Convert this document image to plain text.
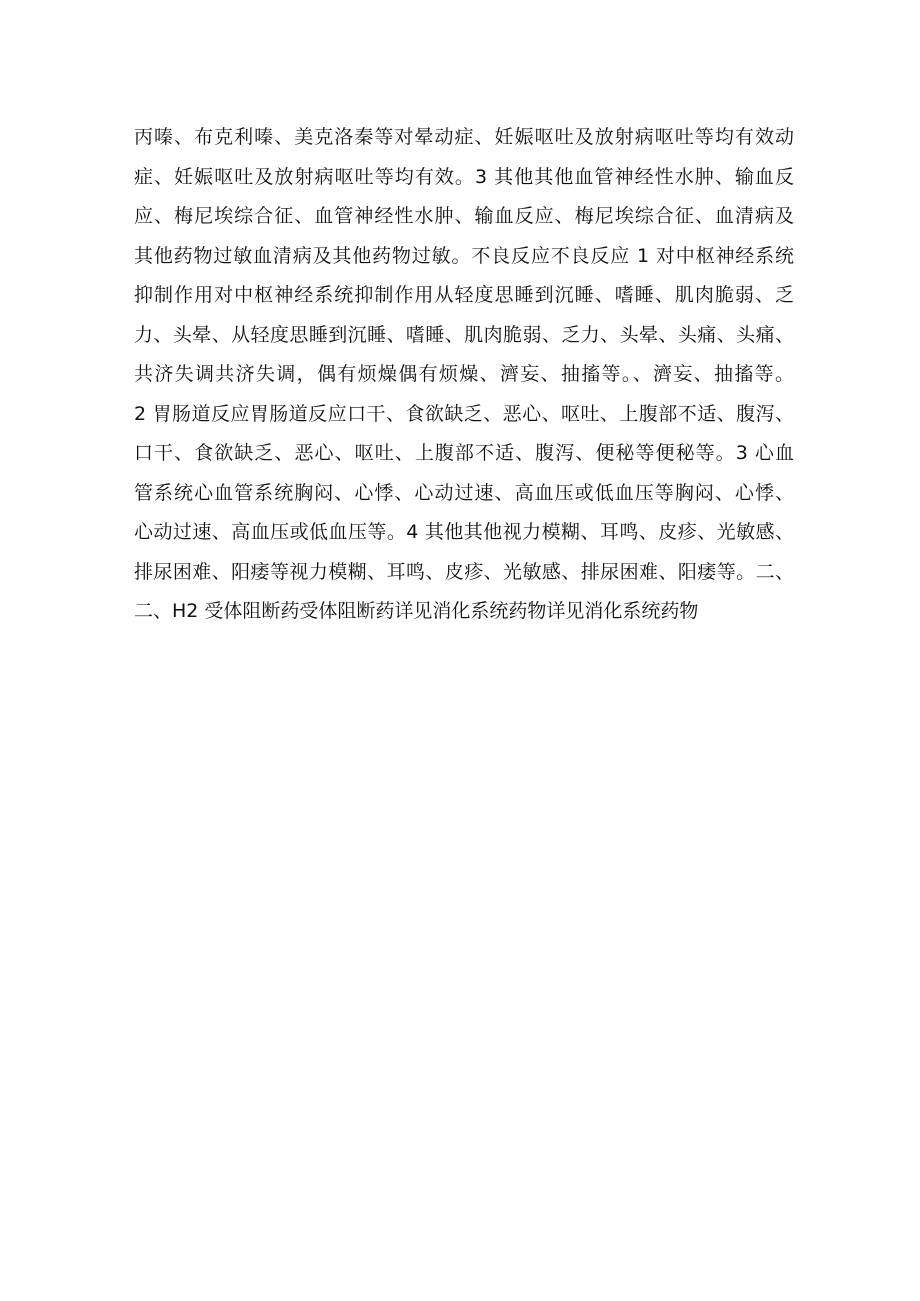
丙嗪、布克利嗪、美克洛秦等对晕动症、妊娠呕吐及放射病呕吐等均有效动
症、妊娠呕吐及放射病呕吐等均有效。3 其他其他血管神经性水肿、输血反
应、梅尼埃综合征、血管神经性水肿、输血反应、梅尼埃综合征、血清病及
其他药物过敏血清病及其他药物过敏。不良反应不良反应 1 对中枢神经系统
抑制作用对中枢神经系统抑制作用从轻度思睡到沉睡、嗜睡、肌肉脆弱、乏
力、头晕、从轻度思睡到沉睡、嗜睡、肌肉脆弱、乏力、头晕、头痛、头痛、
共济失调共济失调，偶有烦燥偶有烦燥、濟妄、抽搐等。、濟妄、抽搐等。
2 胃肠道反应胃肠道反应口干、食欲缺乏、恶心、呕吐、上腹部不适、腹泻、
口干、食欲缺乏、恶心、呕吐、上腹部不适、腹泻、便秘等便秘等。3 心血
管系统心血管系统胸闷、心悸、心动过速、高血压或低血压等胸闷、心悸、
心动过速、高血压或低血压等。4 其他其他视力模糊、耳鸣、皮疹、光敏感、
排尿困难、阳痿等视力模糊、耳鸣、皮疹、光敏感、排尿困难、阳痿等。二、
二、H2 受体阻断药受体阻断药详见消化系统药物详见消化系统药物
